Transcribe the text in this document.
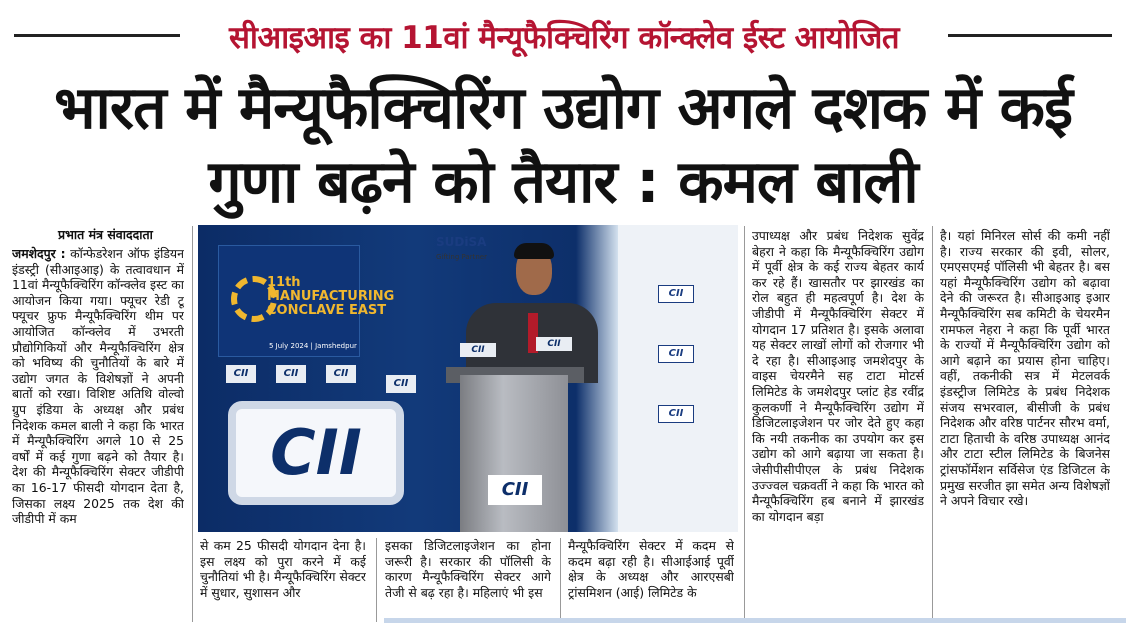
सीआइआइ का 11वां मैन्यूफैक्चिरिंग कॉन्क्लेव ईस्ट आयोजित
भारत में मैन्यूफैक्चिरिंग उद्योग अगले दशक में कई
गुणा बढ़ने को तैयार : कमल बाली
प्रभात मंत्र संवाददाता

जमशेदपुर : कॉन्फेडरेशन ऑफ इंडियन इंडस्ट्री (सीआइआइ) के तत्वावधान में 11वां मैन्यूफैक्चिरिंग कॉन्क्लेव इस्ट का आयोजन किया गया। फ्यूचर रेडी टू फ्यूचर फ्रुफ मैन्यूफैक्चिरिंग थीम पर आयोजित कॉन्क्लेव में उभरती प्रौद्योगिकियों और मैन्यूफैक्चिरिंग क्षेत्र को भविष्य की चुनौतियों के बारे में उद्योग जगत के विशेषज्ञों ने अपनी बातों को रखा। विशिष्ट अतिथि वोल्वो ग्रुप इंडिया के अध्यक्ष और प्रबंध निदेशक कमल बाली ने कहा कि भारत में मैन्यूफैक्चिरिंग अगले 10 से 25 वर्षों में कई गुणा बढ़ने को तैयार है। देश की मैन्यूफैक्चिरिंग सेक्टर जीडीपी का 16-17 फीसदी योगदान देता है, जिसका लक्ष्य 2025 तक देश की जीडीपी में कम

11th
MANUFACTURING
CONCLAVE EAST
5 July 2024 | Jamshedpur
CII	CII	CII
CII
CII
SUDiSA
Gifting Partner
CII
CII
CII
CII
CII
CII

से कम 25 फीसदी योगदान देना है। इस लक्ष्य को पुरा करने में कई चुनौतियां भी है। मैन्यूफैक्चिरिंग सेक्टर में सुधार, सुशासन और

इसका डिजिटलाइजेशन का होना जरूरी है। सरकार की पॉलिसी के कारण मैन्यूफैक्चिरिंग सेक्टर आगे तेजी से बढ़ रहा है। महिलाएं भी इस

मैन्यूफैक्चिरिंग सेक्टर में कदम से कदम बढ़ा रही है। सीआईआई पूर्वी क्षेत्र के अध्यक्ष और आरएसबी ट्रांसमिशन (आई) लिमिटेड के

उपाध्यक्ष और प्रबंध निदेशक सुवेंद्र बेहरा ने कहा कि मैन्यूफैक्चिरिंग उद्योग में पूर्वी क्षेत्र के कई राज्य बेहतर कार्य कर रहे हैं। खासतौर पर झारखंड का रोल बहुत ही महत्वपूर्ण है। देश के जीडीपी में मैन्यूफैक्चिरिंग सेक्टर में योगदान 17 प्रतिशत है। इसके अलावा यह सेक्टर लाखों लोगों को रोजगार भी दे रहा है। सीआइआइ जमशेदपुर के वाइस चेयरमैने सह टाटा मोटर्स लिमिटेड के जमशेदपुर प्लांट हेड रवींद्र कुलकर्णी ने मैन्यूफैक्चिरिंग उद्योग में डिजिटलाइजेशन पर जोर देते हुए कहा कि नयी तकनीक का उपयोग कर इस उद्योग को आगे बढ़ाया जा सकता है। जेसीपीसीपीएल के प्रबंध निदेशक उज्ज्वल चक्रवर्ती ने कहा कि भारत को मैन्यूफैक्चिरिंग हब बनाने में झारखंड का योगदान बड़ा

है। यहां मिनिरल सोर्स की कमी नहीं है। राज्य सरकार की इवी, सोलर, एमएसएमई पॉलिसी भी बेहतर है। बस यहां मैन्यूफैक्चिरिंग उद्योग को बढ़ावा देने की जरूरत है। सीआइआइ इआर मैन्यूफैक्चिरिंग सब कमिटी के चेयरमैन रामफल नेहरा ने कहा कि पूर्वी भारत के राज्यों में मैन्यूफैक्चिरिंग उद्योग को आगे बढ़ाने का प्रयास होना चाहिए। वहीं, तकनीकी सत्र में मेटलवर्क इंडस्ट्रीज लिमिटेड के प्रबंध निदेशक संजय सभरवाल, बीसीजी के प्रबंध निदेशक और वरिष्ठ पार्टनर सौरभ वर्मा, टाटा हिताची के वरिष्ठ उपाध्यक्ष आनंद और टाटा स्टील लिमिटेड के बिजनेस ट्रांसफॉर्मेशन सर्विसेज एंड डिजिटल के प्रमुख सरजीत झा समेत अन्य विशेषज्ञों ने अपने विचार रखे।
